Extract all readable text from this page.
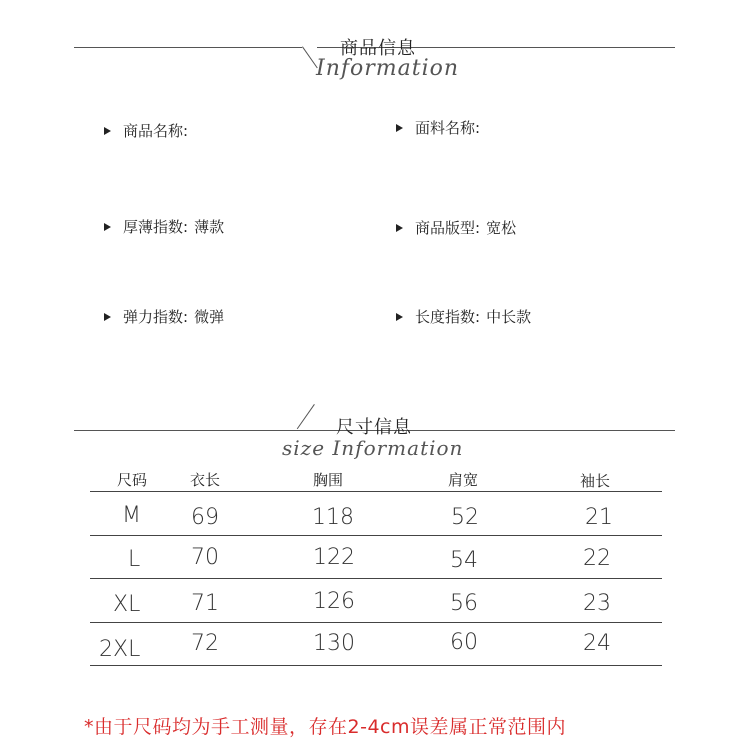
商品信息
Information
商品名称:	面料名称:
厚薄指数: 薄款	商品版型: 宽松
弹力指数: 微弹	长度指数: 中长款
尺寸信息
size Information
尺码	衣长	胸围	肩宽	袖长
M 69	118	52	21
L 70	122	54	22
XL 71	126	56	23
2XL 72	130	60	24
*由于尺码均为手工测量，存在2-4cm误差属正常范围内
